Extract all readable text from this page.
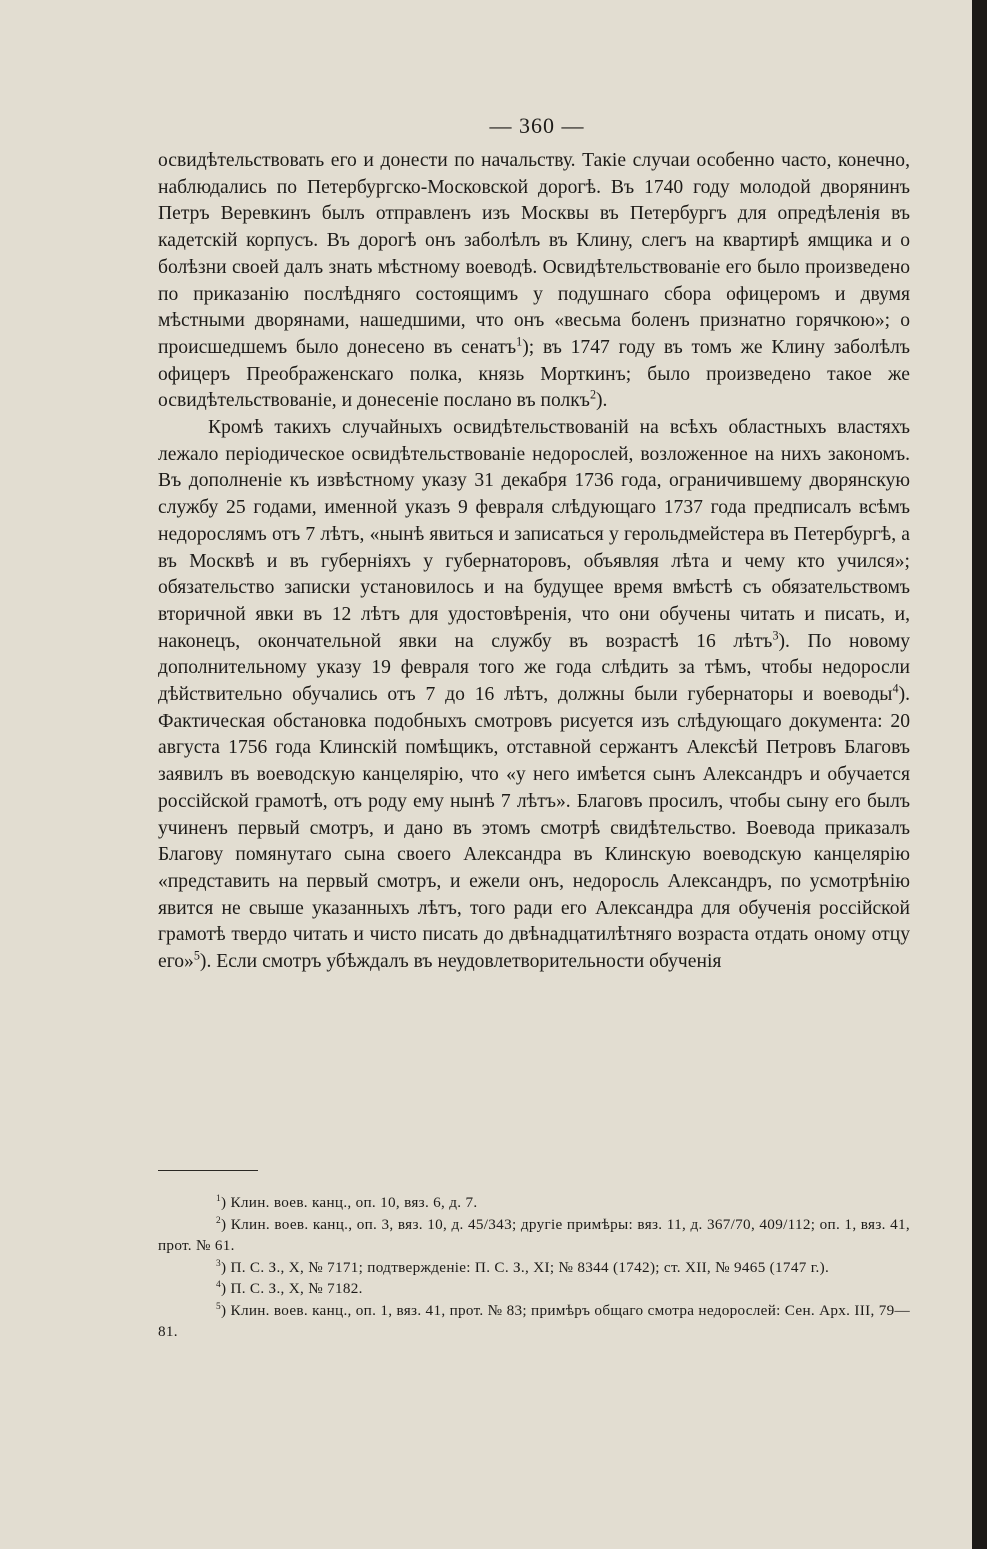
— 360 —

освидѣтельствовать его и донести по начальству. Такіе случаи особенно часто, конечно, наблюдались по Петербургско-Московской дорогѣ. Въ 1740 году молодой дворянинъ Петръ Веревкинъ былъ отправленъ изъ Москвы въ Петербургъ для опредѣленія въ кадетскій корпусъ. Въ дорогѣ онъ заболѣлъ въ Клину, слегъ на квартирѣ ямщика и о болѣзни своей далъ знать мѣстному воеводѣ. Освидѣтельствованіе его было произведено по приказанію послѣдняго состоящимъ у подушнаго сбора офицеромъ и двумя мѣстными дворянами, нашедшими, что онъ «весьма боленъ признатно горячкою»; о происшедшемъ было донесено въ сенатъ$^1$); въ 1747 году въ томъ же Клину заболѣлъ офицеръ Преображенскаго полка, князь Морткинъ; было произведено такое же освидѣтельствованіе, и донесеніе послано въ полкъ$^2$).

Кромѣ такихъ случайныхъ освидѣтельствованій на всѣхъ областныхъ властяхъ лежало періодическое освидѣтельствованіе недорослей, возложенное на нихъ закономъ. Въ дополненіе къ извѣстному указу 31 декабря 1736 года, ограничившему дворянскую службу 25 годами, именной указъ 9 февраля слѣдующаго 1737 года предписалъ всѣмъ недорослямъ отъ 7 лѣтъ, «нынѣ явиться и записаться у герольдмейстера въ Петербургѣ, а въ Москвѣ и въ губерніяхъ у губернаторовъ, объявляя лѣта и чему кто учился»; обязательство записки установилось и на будущее время вмѣстѣ съ обязательствомъ вторичной явки въ 12 лѣтъ для удостовѣренія, что они обучены читать и писать, и, наконецъ, окончательной явки на службу въ возрастѣ 16 лѣтъ$^3$). По новому дополнительному указу 19 февраля того же года слѣдить за тѣмъ, чтобы недоросли дѣйствительно обучались отъ 7 до 16 лѣтъ, должны были губернаторы и воеводы$^4$). Фактическая обстановка подобныхъ смотровъ рисуется изъ слѣдующаго документа: 20 августа 1756 года Клинскій помѣщикъ, отставной сержантъ Алексѣй Петровъ Благовъ заявилъ въ воеводскую канцелярію, что «у него имѣется сынъ Александръ и обучается россійской грамотѣ, отъ роду ему нынѣ 7 лѣтъ». Благовъ просилъ, чтобы сыну его былъ учиненъ первый смотръ, и дано въ этомъ смотрѣ свидѣтельство. Воевода приказалъ Благову помянутаго сына своего Александра въ Клинскую воеводскую канцелярію «представить на первый смотръ, и ежели онъ, недоросль Александръ, по усмотрѣнію явится не свыше указанныхъ лѣтъ, того ради его Александра для обученія россійской грамотѣ твердо читать и чисто писать до двѣнадцатилѣтняго возраста отдать оному отцу его»$^5$). Если смотръ убѣждалъ въ неудовлетворительности обученія

$^1$) Клин. воев. канц., оп. 10, вяз. 6, д. 7.

$^2$) Клин. воев. канц., оп. 3, вяз. 10, д. 45/343; другіе примѣры: вяз. 11, д. 367/70, 409/112; оп. 1, вяз. 41, прот. № 61.

$^3$) П. С. З., X, № 7171; подтвержденіе: П. С. З., XI; № 8344 (1742); ст. XII, № 9465 (1747 г.).

$^4$) П. С. З., X, № 7182.

$^5$) Клин. воев. канц., оп. 1, вяз. 41, прот. № 83; примѣръ общаго смотра недорослей: Сен. Арх. III, 79—81.
